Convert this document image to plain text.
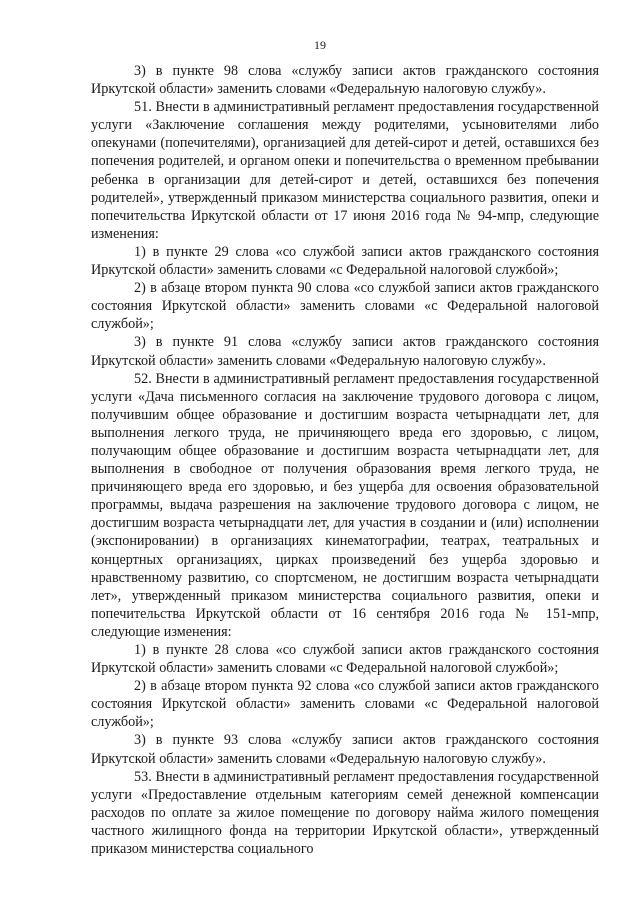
19

3) в пункте 98 слова «службу записи актов гражданского состояния Иркутской области» заменить словами «Федеральную налоговую службу».

51. Внести в административный регламент предоставления государственной услуги «Заключение соглашения между родителями, усыновителями либо опекунами (попечителями), организацией для детей-сирот и детей, оставшихся без попечения родителей, и органом опеки и попечительства о временном пребывании ребенка в организации для детей-сирот и детей, оставшихся без попечения родителей», утвержденный приказом министерства социального развития, опеки и попечительства Иркутской области от 17 июня 2016 года № 94-мпр, следующие изменения:

1) в пункте 29 слова «со службой записи актов гражданского состояния Иркутской области» заменить словами «с Федеральной налоговой службой»;

2) в абзаце втором пункта 90 слова «со службой записи актов гражданского состояния Иркутской области» заменить словами «с Федеральной налоговой службой»;

3) в пункте 91 слова «службу записи актов гражданского состояния Иркутской области» заменить словами «Федеральную налоговую службу».

52. Внести в административный регламент предоставления государственной услуги «Дача письменного согласия на заключение трудового договора с лицом, получившим общее образование и достигшим возраста четырнадцати лет, для выполнения легкого труда, не причиняющего вреда его здоровью, с лицом, получающим общее образование и достигшим возраста четырнадцати лет, для выполнения в свободное от получения образования время легкого труда, не причиняющего вреда его здоровью, и без ущерба для освоения образовательной программы, выдача разрешения на заключение трудового договора с лицом, не достигшим возраста четырнадцати лет, для участия в создании и (или) исполнении (экспонировании) в организациях кинематографии, театрах, театральных и концертных организациях, цирках произведений без ущерба здоровью и нравственному развитию, со спортсменом, не достигшим возраста четырнадцати лет», утвержденный приказом министерства социального развития, опеки и попечительства Иркутской области от 16 сентября 2016 года № 151-мпр, следующие изменения:

1) в пункте 28 слова «со службой записи актов гражданского состояния Иркутской области» заменить словами «с Федеральной налоговой службой»;

2) в абзаце втором пункта 92 слова «со службой записи актов гражданского состояния Иркутской области» заменить словами «с Федеральной налоговой службой»;

3) в пункте 93 слова «службу записи актов гражданского состояния Иркутской области» заменить словами «Федеральную налоговую службу».

53. Внести в административный регламент предоставления государственной услуги «Предоставление отдельным категориям семей денежной компенсации расходов по оплате за жилое помещение по договору найма жилого помещения частного жилищного фонда на территории Иркутской области», утвержденный приказом министерства социального
